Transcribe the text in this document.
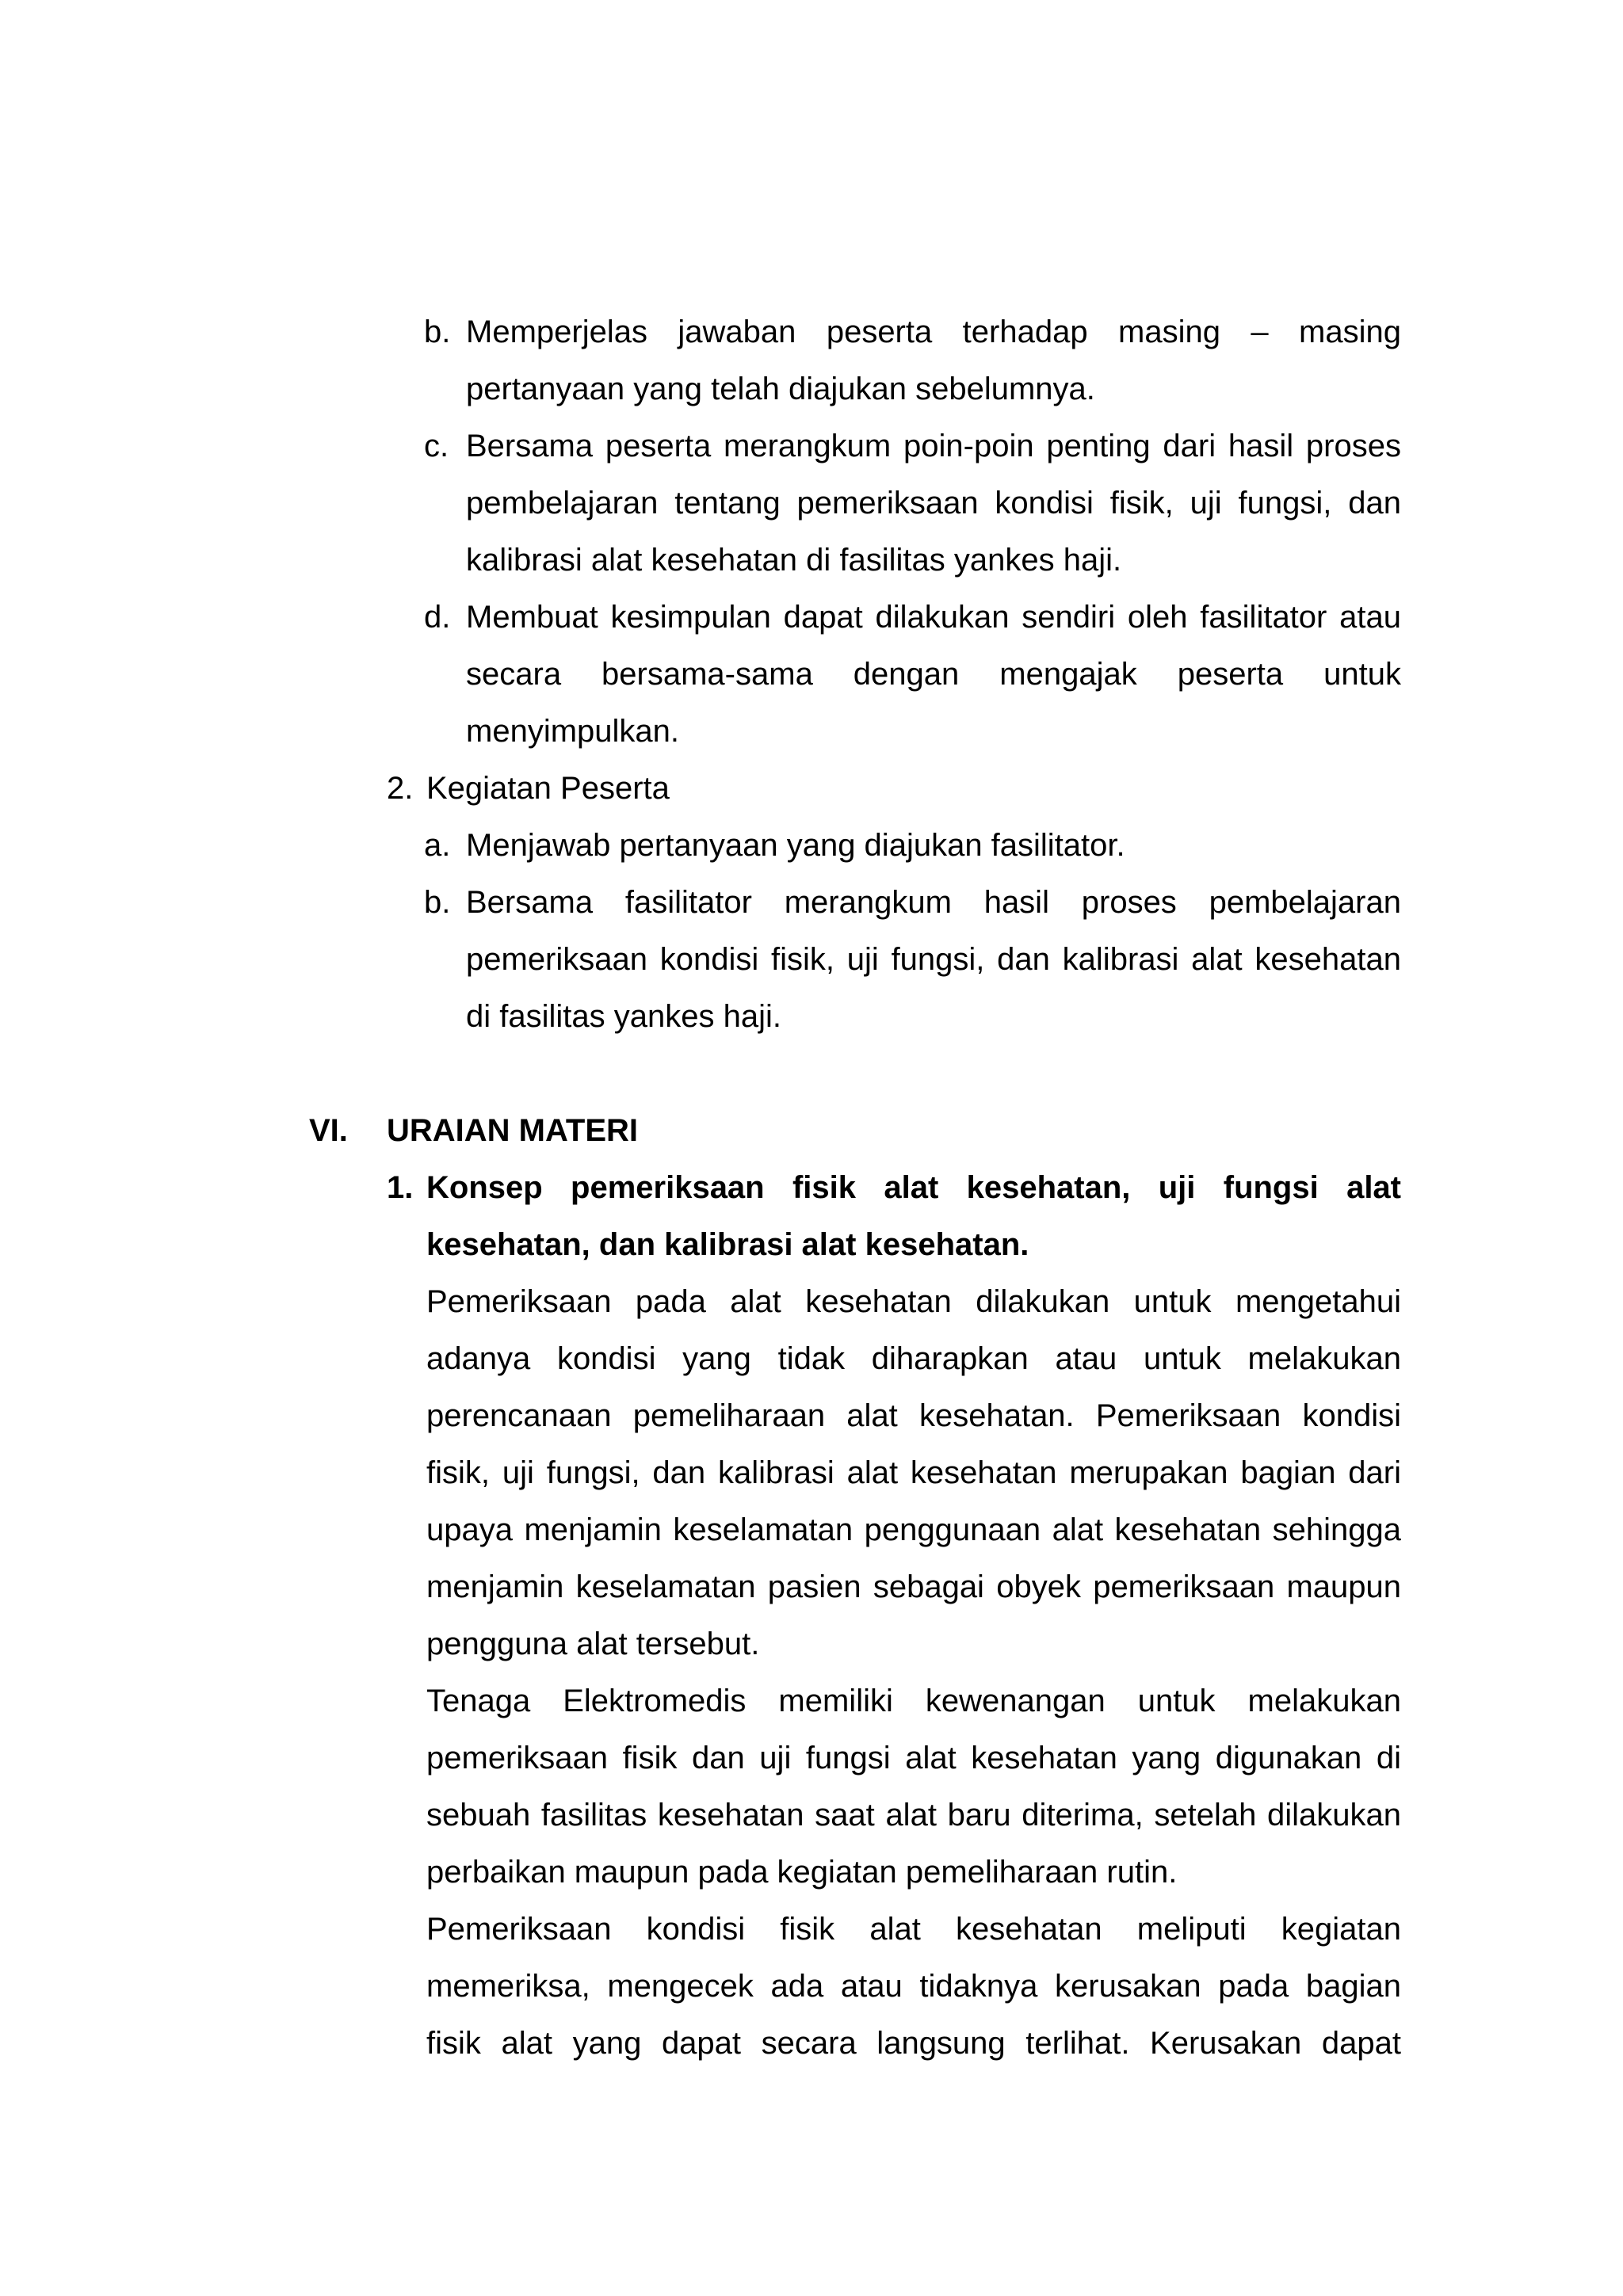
b. Memperjelas jawaban peserta terhadap masing – masing pertanyaan yang telah diajukan sebelumnya.
c. Bersama peserta merangkum poin-poin penting dari hasil proses pembelajaran tentang pemeriksaan kondisi fisik, uji fungsi, dan kalibrasi alat kesehatan di fasilitas yankes haji.
d. Membuat kesimpulan dapat dilakukan sendiri oleh fasilitator atau secara bersama-sama dengan mengajak peserta untuk menyimpulkan.
2. Kegiatan Peserta
a. Menjawab pertanyaan yang diajukan fasilitator.
b. Bersama fasilitator merangkum hasil proses pembelajaran pemeriksaan kondisi fisik, uji fungsi, dan kalibrasi alat kesehatan di fasilitas yankes haji.
VI. URAIAN MATERI
1. Konsep pemeriksaan fisik alat kesehatan, uji fungsi alat kesehatan, dan kalibrasi alat kesehatan.
Pemeriksaan pada alat kesehatan dilakukan untuk mengetahui adanya kondisi yang tidak diharapkan atau untuk melakukan perencanaan pemeliharaan alat kesehatan. Pemeriksaan kondisi fisik, uji fungsi, dan kalibrasi alat kesehatan merupakan bagian dari upaya menjamin keselamatan penggunaan alat kesehatan sehingga menjamin keselamatan pasien sebagai obyek pemeriksaan maupun pengguna alat tersebut.
Tenaga Elektromedis memiliki kewenangan untuk melakukan pemeriksaan fisik dan uji fungsi alat kesehatan yang digunakan di sebuah fasilitas kesehatan saat alat baru diterima, setelah dilakukan perbaikan maupun pada kegiatan pemeliharaan rutin.
Pemeriksaan kondisi fisik alat kesehatan meliputi kegiatan memeriksa, mengecek ada atau tidaknya kerusakan pada bagian fisik alat yang dapat secara langsung terlihat. Kerusakan dapat
